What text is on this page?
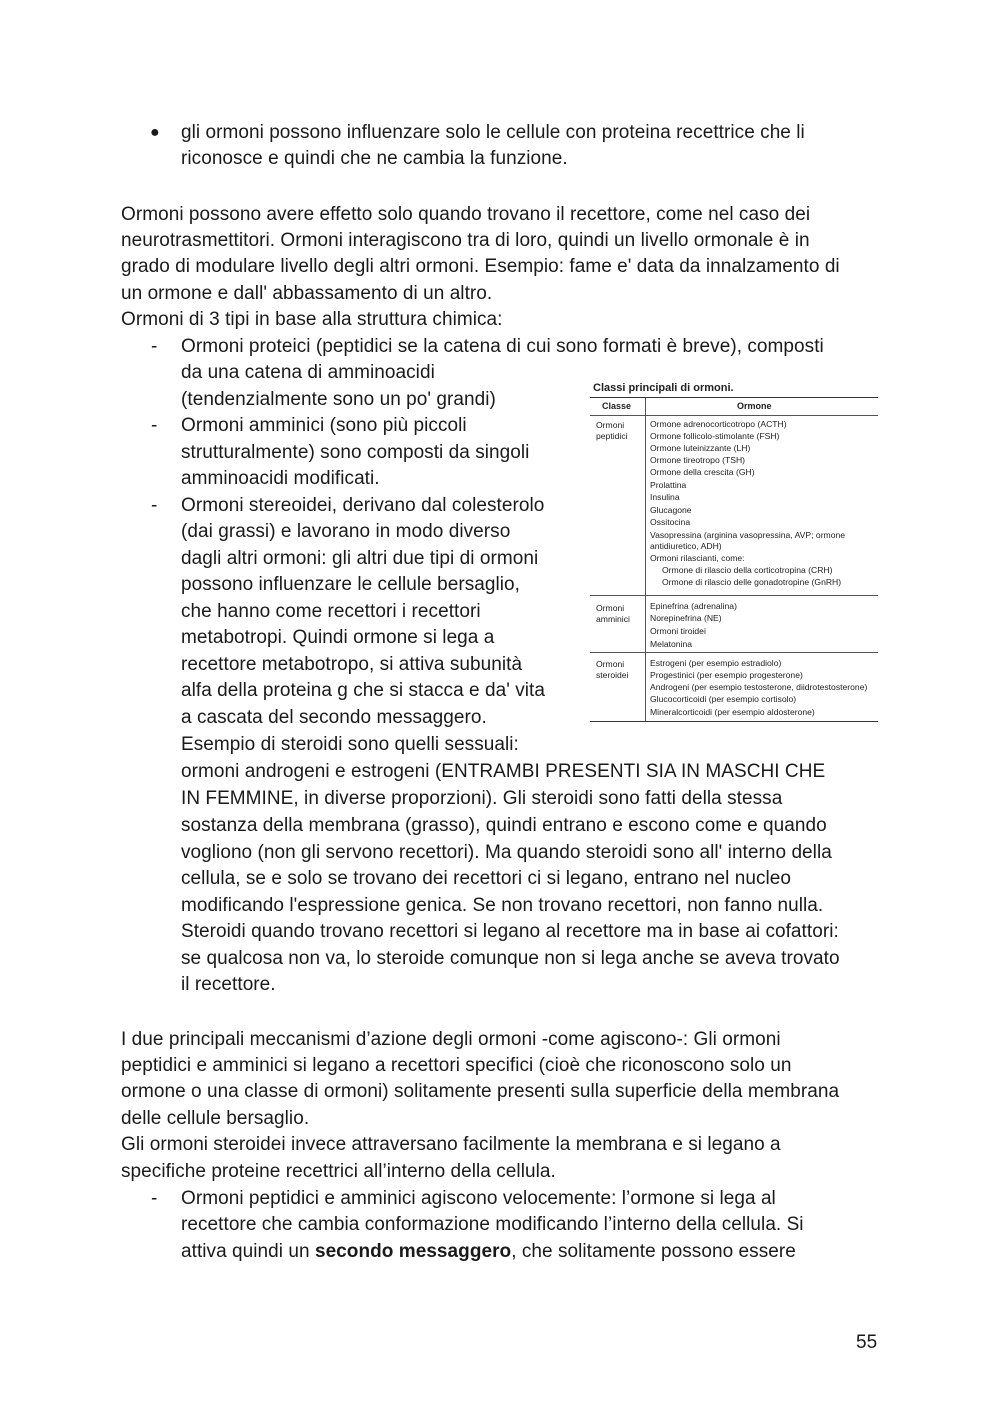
● gli ormoni possono influenzare solo le cellule con proteina recettrice che li
riconosce e quindi che ne cambia la funzione.
Ormoni possono avere effetto solo quando trovano il recettore, come nel caso dei
neurotrasmettitori. Ormoni interagiscono tra di loro, quindi un livello ormonale è in
grado di modulare livello degli altri ormoni. Esempio: fame e' data da innalzamento di
un ormone e dall' abbassamento di un altro.
Ormoni di 3 tipi in base alla struttura chimica:
- Ormoni proteici (peptidici se la catena di cui sono formati è breve), composti
da una catena di amminoacidi
(tendenzialmente sono un po' grandi)
- Ormoni amminici (sono più piccoli
strutturalmente) sono composti da singoli
amminoacidi modificati.
- Ormoni stereoidei, derivano dal colesterolo
(dai grassi) e lavorano in modo diverso
dagli altri ormoni: gli altri due tipi di ormoni
possono influenzare le cellule bersaglio,
che hanno come recettori i recettori
metabotropi. Quindi ormone si lega a
recettore metabotropo, si attiva subunità
alfa della proteina g che si stacca e da' vita
a cascata del secondo messaggero.
Esempio di steroidi sono quelli sessuali:
ormoni androgeni e estrogeni (ENTRAMBI PRESENTI SIA IN MASCHI CHE
IN FEMMINE, in diverse proporzioni). Gli steroidi sono fatti della stessa
sostanza della membrana (grasso), quindi entrano e escono come e quando
vogliono (non gli servono recettori). Ma quando steroidi sono all' interno della
cellula, se e solo se trovano dei recettori ci si legano, entrano nel nucleo
modificando l'espressione genica. Se non trovano recettori, non fanno nulla.
Steroidi quando trovano recettori si legano al recettore ma in base ai cofattori:
se qualcosa non va, lo steroide comunque non si lega anche se aveva trovato
il recettore.
I due principali meccanismi d’azione degli ormoni -come agiscono-: Gli ormoni
peptidici e amminici si legano a recettori specifici (cioè che riconoscono solo un
ormone o una classe di ormoni) solitamente presenti sulla superficie della membrana
delle cellule bersaglio.
Gli ormoni steroidei invece attraversano facilmente la membrana e si legano a
specifiche proteine recettrici all’interno della cellula.
- Ormoni peptidici e amminici agiscono velocemente: l’ormone si lega al
recettore che cambia conformazione modificando l’interno della cellula. Si
attiva quindi un secondo messaggero, che solitamente possono essere
55
Classi principali di ormoni.
Classe	Ormone
Ormoni
peptidici
Ormone adrenocorticotropo (ACTH)
Ormone follicolo-stimolante (FSH)
Ormone luteinizzante (LH)
Ormone tireotropo (TSH)
Ormone della crescita (GH)
Prolattina
Insulina
Glucagone
Ossitocina
Vasopressina (arginina vasopressina, AVP; ormone
antidiuretico, ADH)
Ormoni rilascianti, come:
Ormone di rilascio della corticotropina (CRH)
Ormone di rilascio delle gonadotropine (GnRH)
Ormoni
amminici
Epinefrina (adrenalina)
Norepinefrina (NE)
Ormoni tiroidei
Melatonina
Ormoni
steroidei
Estrogeni (per esempio estradiolo)
Progestinici (per esempio progesterone)
Androgeni (per esempio testosterone, diidrotestosterone)
Glucocorticoidi (per esempio cortisolo)
Mineralcorticoidi (per esempio aldosterone)
